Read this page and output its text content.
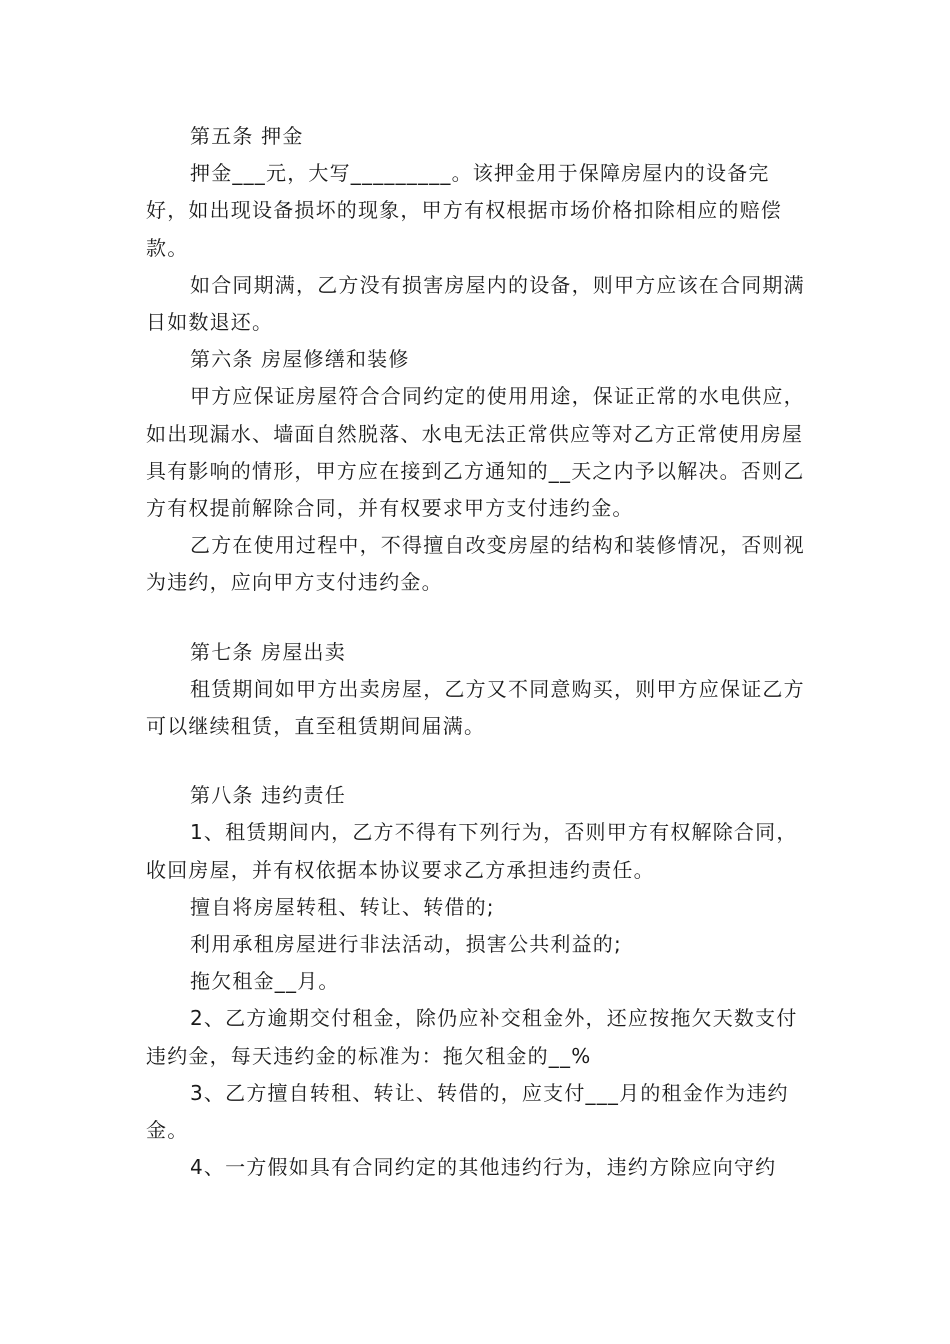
第五条 押金

押金___元，大写_________。该押金用于保障房屋内的设备完好，如出现设备损坏的现象，甲方有权根据市场价格扣除相应的赔偿款。

如合同期满，乙方没有损害房屋内的设备，则甲方应该在合同期满日如数退还。

第六条 房屋修缮和装修

甲方应保证房屋符合合同约定的使用用途，保证正常的水电供应，如出现漏水、墙面自然脱落、水电无法正常供应等对乙方正常使用房屋具有影响的情形，甲方应在接到乙方通知的__天之内予以解决。否则乙方有权提前解除合同，并有权要求甲方支付违约金。

乙方在使用过程中，不得擅自改变房屋的结构和装修情况，否则视为违约，应向甲方支付违约金。

第七条 房屋出卖

租赁期间如甲方出卖房屋，乙方又不同意购买，则甲方应保证乙方可以继续租赁，直至租赁期间届满。

第八条 违约责任

1、租赁期间内，乙方不得有下列行为，否则甲方有权解除合同，收回房屋，并有权依据本协议要求乙方承担违约责任。

擅自将房屋转租、转让、转借的;

利用承租房屋进行非法活动，损害公共利益的;

拖欠租金__月。

2、乙方逾期交付租金，除仍应补交租金外，还应按拖欠天数支付违约金，每天违约金的标准为：拖欠租金的__%

3、乙方擅自转租、转让、转借的，应支付___月的租金作为违约金。

4、一方假如具有合同约定的其他违约行为，违约方除应向守约
